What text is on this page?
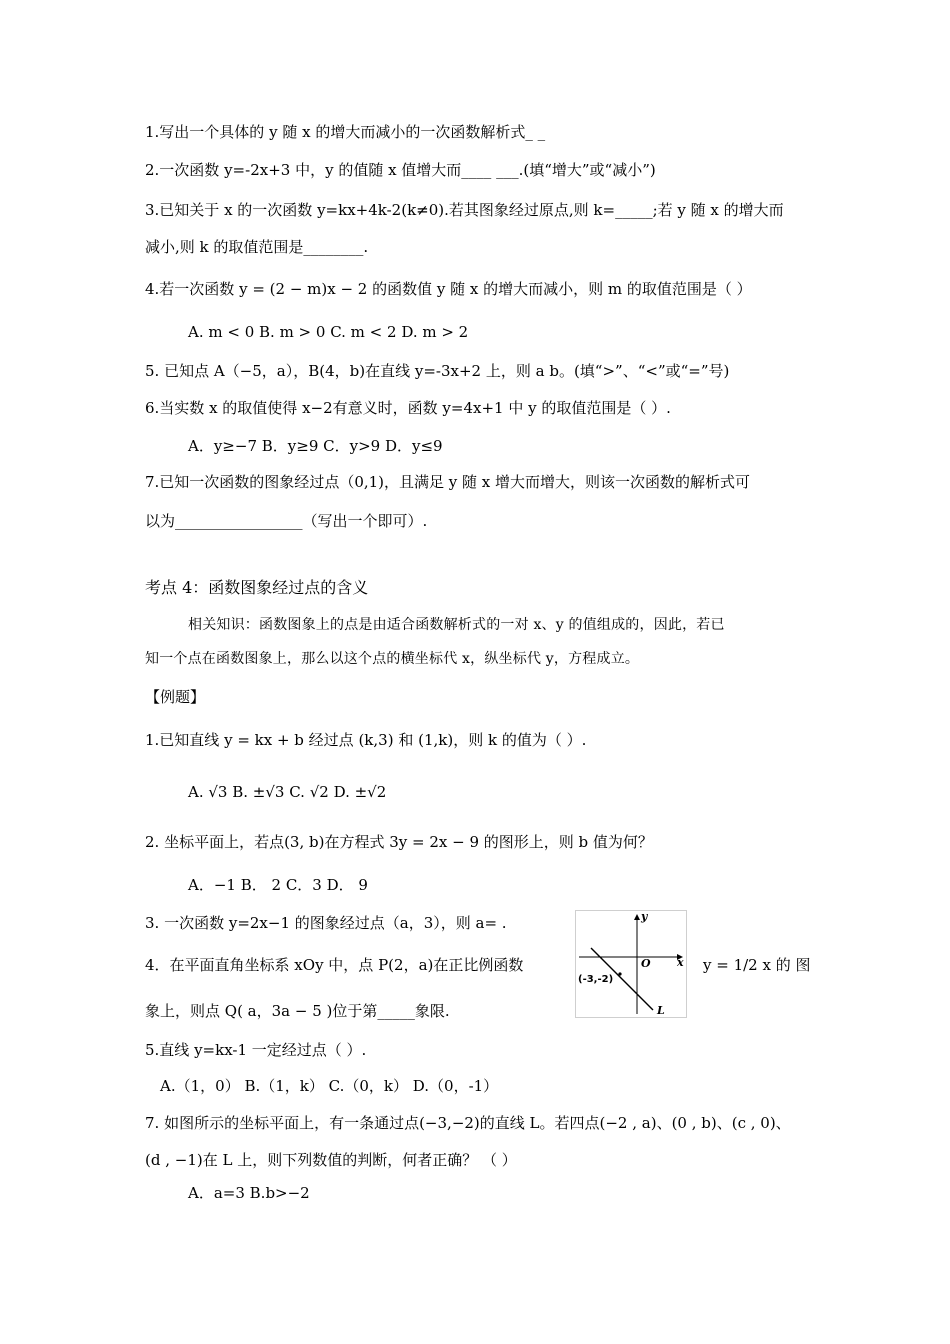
1.写出一个具体的 y 随 x 的增大而减小的一次函数解析式_ _
2.一次函数 y=-2x+3 中，y 的值随 x 值增大而____ ___.(填“增大”或“减小”)
3.已知关于 x 的一次函数 y=kx+4k-2(k≠0).若其图象经过原点,则 k=_____;若 y 随 x 的增大而
减小,则 k 的取值范围是________.
4.若一次函数 y = (2 − m)x − 2 的函数值 y 随 x 的增大而减小，则 m 的取值范围是（ ）
A. m < 0 B. m > 0 C. m < 2 D. m > 2
5. 已知点 A（−5，a），B(4，b)在直线 y=-3x+2 上，则 a b。(填“>”、“<”或“=”号)
6.当实数 x 的取值使得 x−2有意义时，函数 y=4x+1 中 y 的取值范围是（ ）.
A．y≥−7 B．y≥9 C．y>9 D．y≤9
7.已知一次函数的图象经过点（0,1)，且满足 y 随 x 增大而增大，则该一次函数的解析式可
以为_________________（写出一个即可）.
考点 4：函数图象经过点的含义
相关知识：函数图象上的点是由适合函数解析式的一对 x、y 的值组成的，因此，若已
知一个点在函数图象上，那么以这个点的横坐标代 x，纵坐标代 y，方程成立。
【例题】
1.已知直线 y = kx + b 经过点 (k,3) 和 (1,k)，则 k 的值为（ ）.
A. √3 B. ±√3 C. √2 D. ±√2
2. 坐标平面上，若点(3, b)在方程式 3y = 2x − 9 的图形上，则 b 值为何？
A．−1 B． 2 C．3 D． 9
3. 一次函数 y=2x−1 的图象经过点（a，3），则 a= .
4．在平面直角坐标系 xOy 中，点 P(2，a)在正比例函数
象上，则点 Q( a，3a − 5 )位于第_____象限.
5.直线 y=kx-1 一定经过点（ ）.
A.（1，0） B.（1，k） C.（0，k） D.（0，-1）
7. 如图所示的坐标平面上，有一条通过点(−3,−2)的直线 L。若四点(−2 , a)、(0 , b)、(c , 0)、
(d , −1)在 L 上，则下列数值的判断，何者正确？ （ ）
A．a=3 B.b>−2
y = 1/2 x 的 图
y
x
O
(-3,-2)
L
